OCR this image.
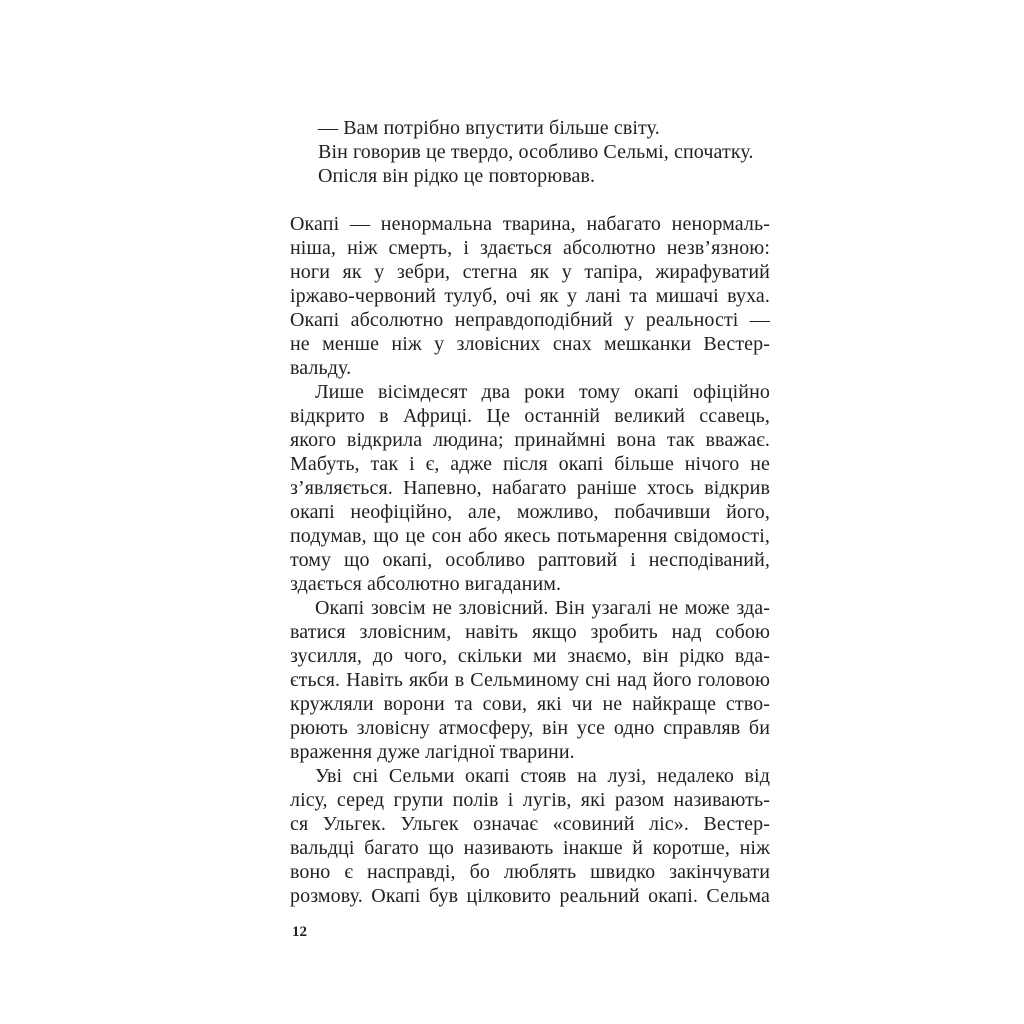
— Вам потрібно впустити більше світу.
Він говорив це твердо, особливо Сельмі, спочатку.
Опісля він рідко це повторював.
Окапі — ненормальна тварина, набагато ненормаль-
ніша, ніж смерть, і здається абсолютно незв’язною:
ноги як у зебри, стегна як у тапіра, жирафуватий
іржаво-червоний тулуб, очі як у лані та мишачі вуха.
Окапі абсолютно неправдоподібний у реальності —
не менше ніж у зловісних снах мешканки Вестер-
вальду.
Лише вісімдесят два роки тому окапі офіційно
відкрито в Африці. Це останній великий ссавець,
якого відкрила людина; принаймні вона так вважає.
Мабуть, так і є, адже після окапі більше нічого не
з’являється. Напевно, набагато раніше хтось відкрив
окапі неофіційно, але, можливо, побачивши його,
подумав, що це сон або якесь потьмарення свідомості,
тому що окапі, особливо раптовий і несподіваний,
здається абсолютно вигаданим.
Окапі зовсім не зловісний. Він узагалі не може зда-
ватися зловісним, навіть якщо зробить над собою
зусилля, до чого, скільки ми знаємо, він рідко вда-
ється. Навіть якби в Сельминому сні над його головою
кружляли ворони та сови, які чи не найкраще ство-
рюють зловісну атмосферу, він усе одно справляв би
враження дуже лагідної тварини.
Уві сні Сельми окапі стояв на лузі, недалеко від
лісу, серед групи полів і лугів, які разом називають-
ся Ульгек. Ульгек означає «совиний ліс». Вестер-
вальдці багато що називають інакше й коротше, ніж
воно є насправді, бо люблять швидко закінчувати
розмову. Окапі був цілковито реальний окапі. Сельма
12
